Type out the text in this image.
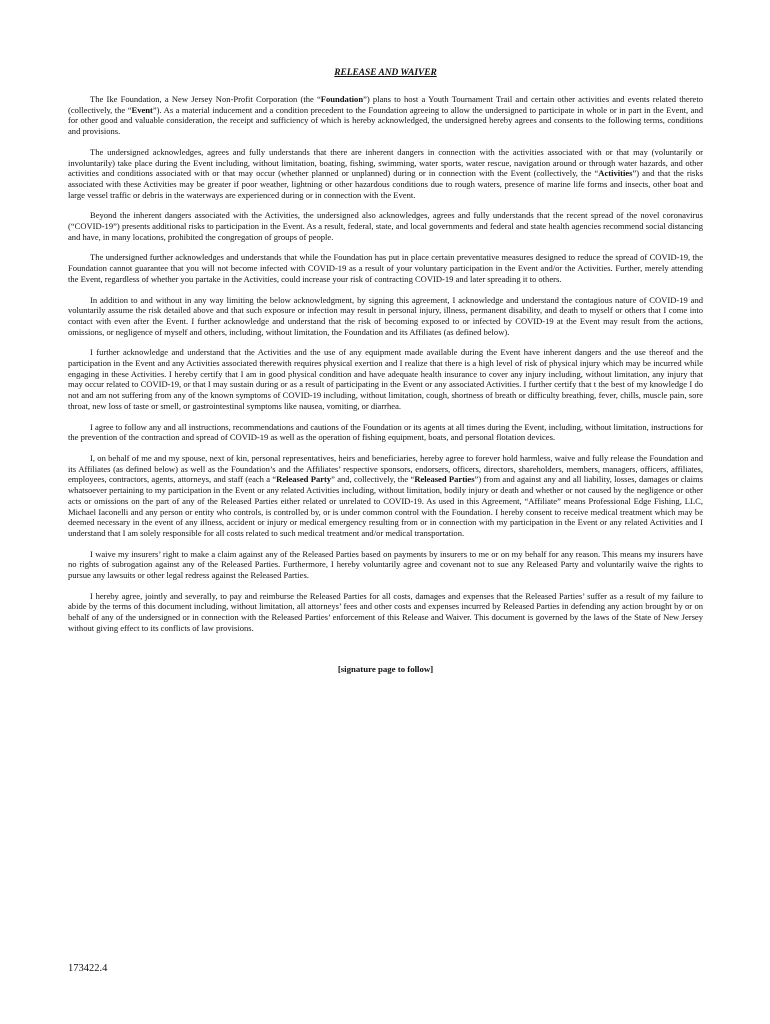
RELEASE AND WAIVER

The Ike Foundation, a New Jersey Non-Profit Corporation (the “Foundation”) plans to host a Youth Tournament Trail and certain other activities and events related thereto (collectively, the “Event”). As a material inducement and a condition precedent to the Foundation agreeing to allow the undersigned to participate in whole or in part in the Event, and for other good and valuable consideration, the receipt and sufficiency of which is hereby acknowledged, the undersigned hereby agrees and consents to the following terms, conditions and provisions.

The undersigned acknowledges, agrees and fully understands that there are inherent dangers in connection with the activities associated with or that may (voluntarily or involuntarily) take place during the Event including, without limitation, boating, fishing, swimming, water sports, water rescue, navigation around or through water hazards, and other activities and conditions associated with or that may occur (whether planned or unplanned) during or in connection with the Event (collectively, the “Activities”) and that the risks associated with these Activities may be greater if poor weather, lightning or other hazardous conditions due to rough waters, presence of marine life forms and insects, other boat and large vessel traffic or debris in the waterways are experienced during or in connection with the Event.

Beyond the inherent dangers associated with the Activities, the undersigned also acknowledges, agrees and fully understands that the recent spread of the novel coronavirus (“COVID-19”) presents additional risks to participation in the Event. As a result, federal, state, and local governments and federal and state health agencies recommend social distancing and have, in many locations, prohibited the congregation of groups of people.

The undersigned further acknowledges and understands that while the Foundation has put in place certain preventative measures designed to reduce the spread of COVID-19, the Foundation cannot guarantee that you will not become infected with COVID-19 as a result of your voluntary participation in the Event and/or the Activities. Further, merely attending the Event, regardless of whether you partake in the Activities, could increase your risk of contracting COVID-19 and later spreading it to others.

In addition to and without in any way limiting the below acknowledgment, by signing this agreement, I acknowledge and understand the contagious nature of COVID-19 and voluntarily assume the risk detailed above and that such exposure or infection may result in personal injury, illness, permanent disability, and death to myself or others that I come into contact with even after the Event. I further acknowledge and understand that the risk of becoming exposed to or infected by COVID-19 at the Event may result from the actions, omissions, or negligence of myself and others, including, without limitation, the Foundation and its Affiliates (as defined below).

I further acknowledge and understand that the Activities and the use of any equipment made available during the Event have inherent dangers and the use thereof and the participation in the Event and any Activities associated therewith requires physical exertion and I realize that there is a high level of risk of physical injury which may be incurred while engaging in these Activities. I hereby certify that I am in good physical condition and have adequate health insurance to cover any injury including, without limitation, any injury that may occur related to COVID-19, or that I may sustain during or as a result of participating in the Event or any associated Activities. I further certify that t the best of my knowledge I do not and am not suffering from any of the known symptoms of COVID-19 including, without limitation, cough, shortness of breath or difficulty breathing, fever, chills, muscle pain, sore throat, new loss of taste or smell, or gastrointestinal symptoms like nausea, vomiting, or diarrhea.

I agree to follow any and all instructions, recommendations and cautions of the Foundation or its agents at all times during the Event, including, without limitation, instructions for the prevention of the contraction and spread of COVID-19 as well as the operation of fishing equipment, boats, and personal flotation devices.

I, on behalf of me and my spouse, next of kin, personal representatives, heirs and beneficiaries, hereby agree to forever hold harmless, waive and fully release the Foundation and its Affiliates (as defined below) as well as the Foundation’s and the Affiliates’ respective sponsors, endorsers, officers, directors, shareholders, members, managers, officers, affiliates, employees, contractors, agents, attorneys, and staff (each a “Released Party” and, collectively, the “Released Parties”) from and against any and all liability, losses, damages or claims whatsoever pertaining to my participation in the Event or any related Activities including, without limitation, bodily injury or death and whether or not caused by the negligence or other acts or omissions on the part of any of the Released Parties either related or unrelated to COVID-19. As used in this Agreement, “Affiliate” means Professional Edge Fishing, LLC, Michael Iaconelli and any person or entity who controls, is controlled by, or is under common control with the Foundation. I hereby consent to receive medical treatment which may be deemed necessary in the event of any illness, accident or injury or medical emergency resulting from or in connection with my participation in the Event or any related Activities and I understand that I am solely responsible for all costs related to such medical treatment and/or medical transportation.

I waive my insurers’ right to make a claim against any of the Released Parties based on payments by insurers to me or on my behalf for any reason. This means my insurers have no rights of subrogation against any of the Released Parties. Furthermore, I hereby voluntarily agree and covenant not to sue any Released Party and voluntarily waive the rights to pursue any lawsuits or other legal redress against the Released Parties.

I hereby agree, jointly and severally, to pay and reimburse the Released Parties for all costs, damages and expenses that the Released Parties’ suffer as a result of my failure to abide by the terms of this document including, without limitation, all attorneys’ fees and other costs and expenses incurred by Released Parties in defending any action brought by or on behalf of any of the undersigned or in connection with the Released Parties’ enforcement of this Release and Waiver. This document is governed by the laws of the State of New Jersey without giving effect to its conflicts of law provisions.

[signature page to follow]
173422.4
